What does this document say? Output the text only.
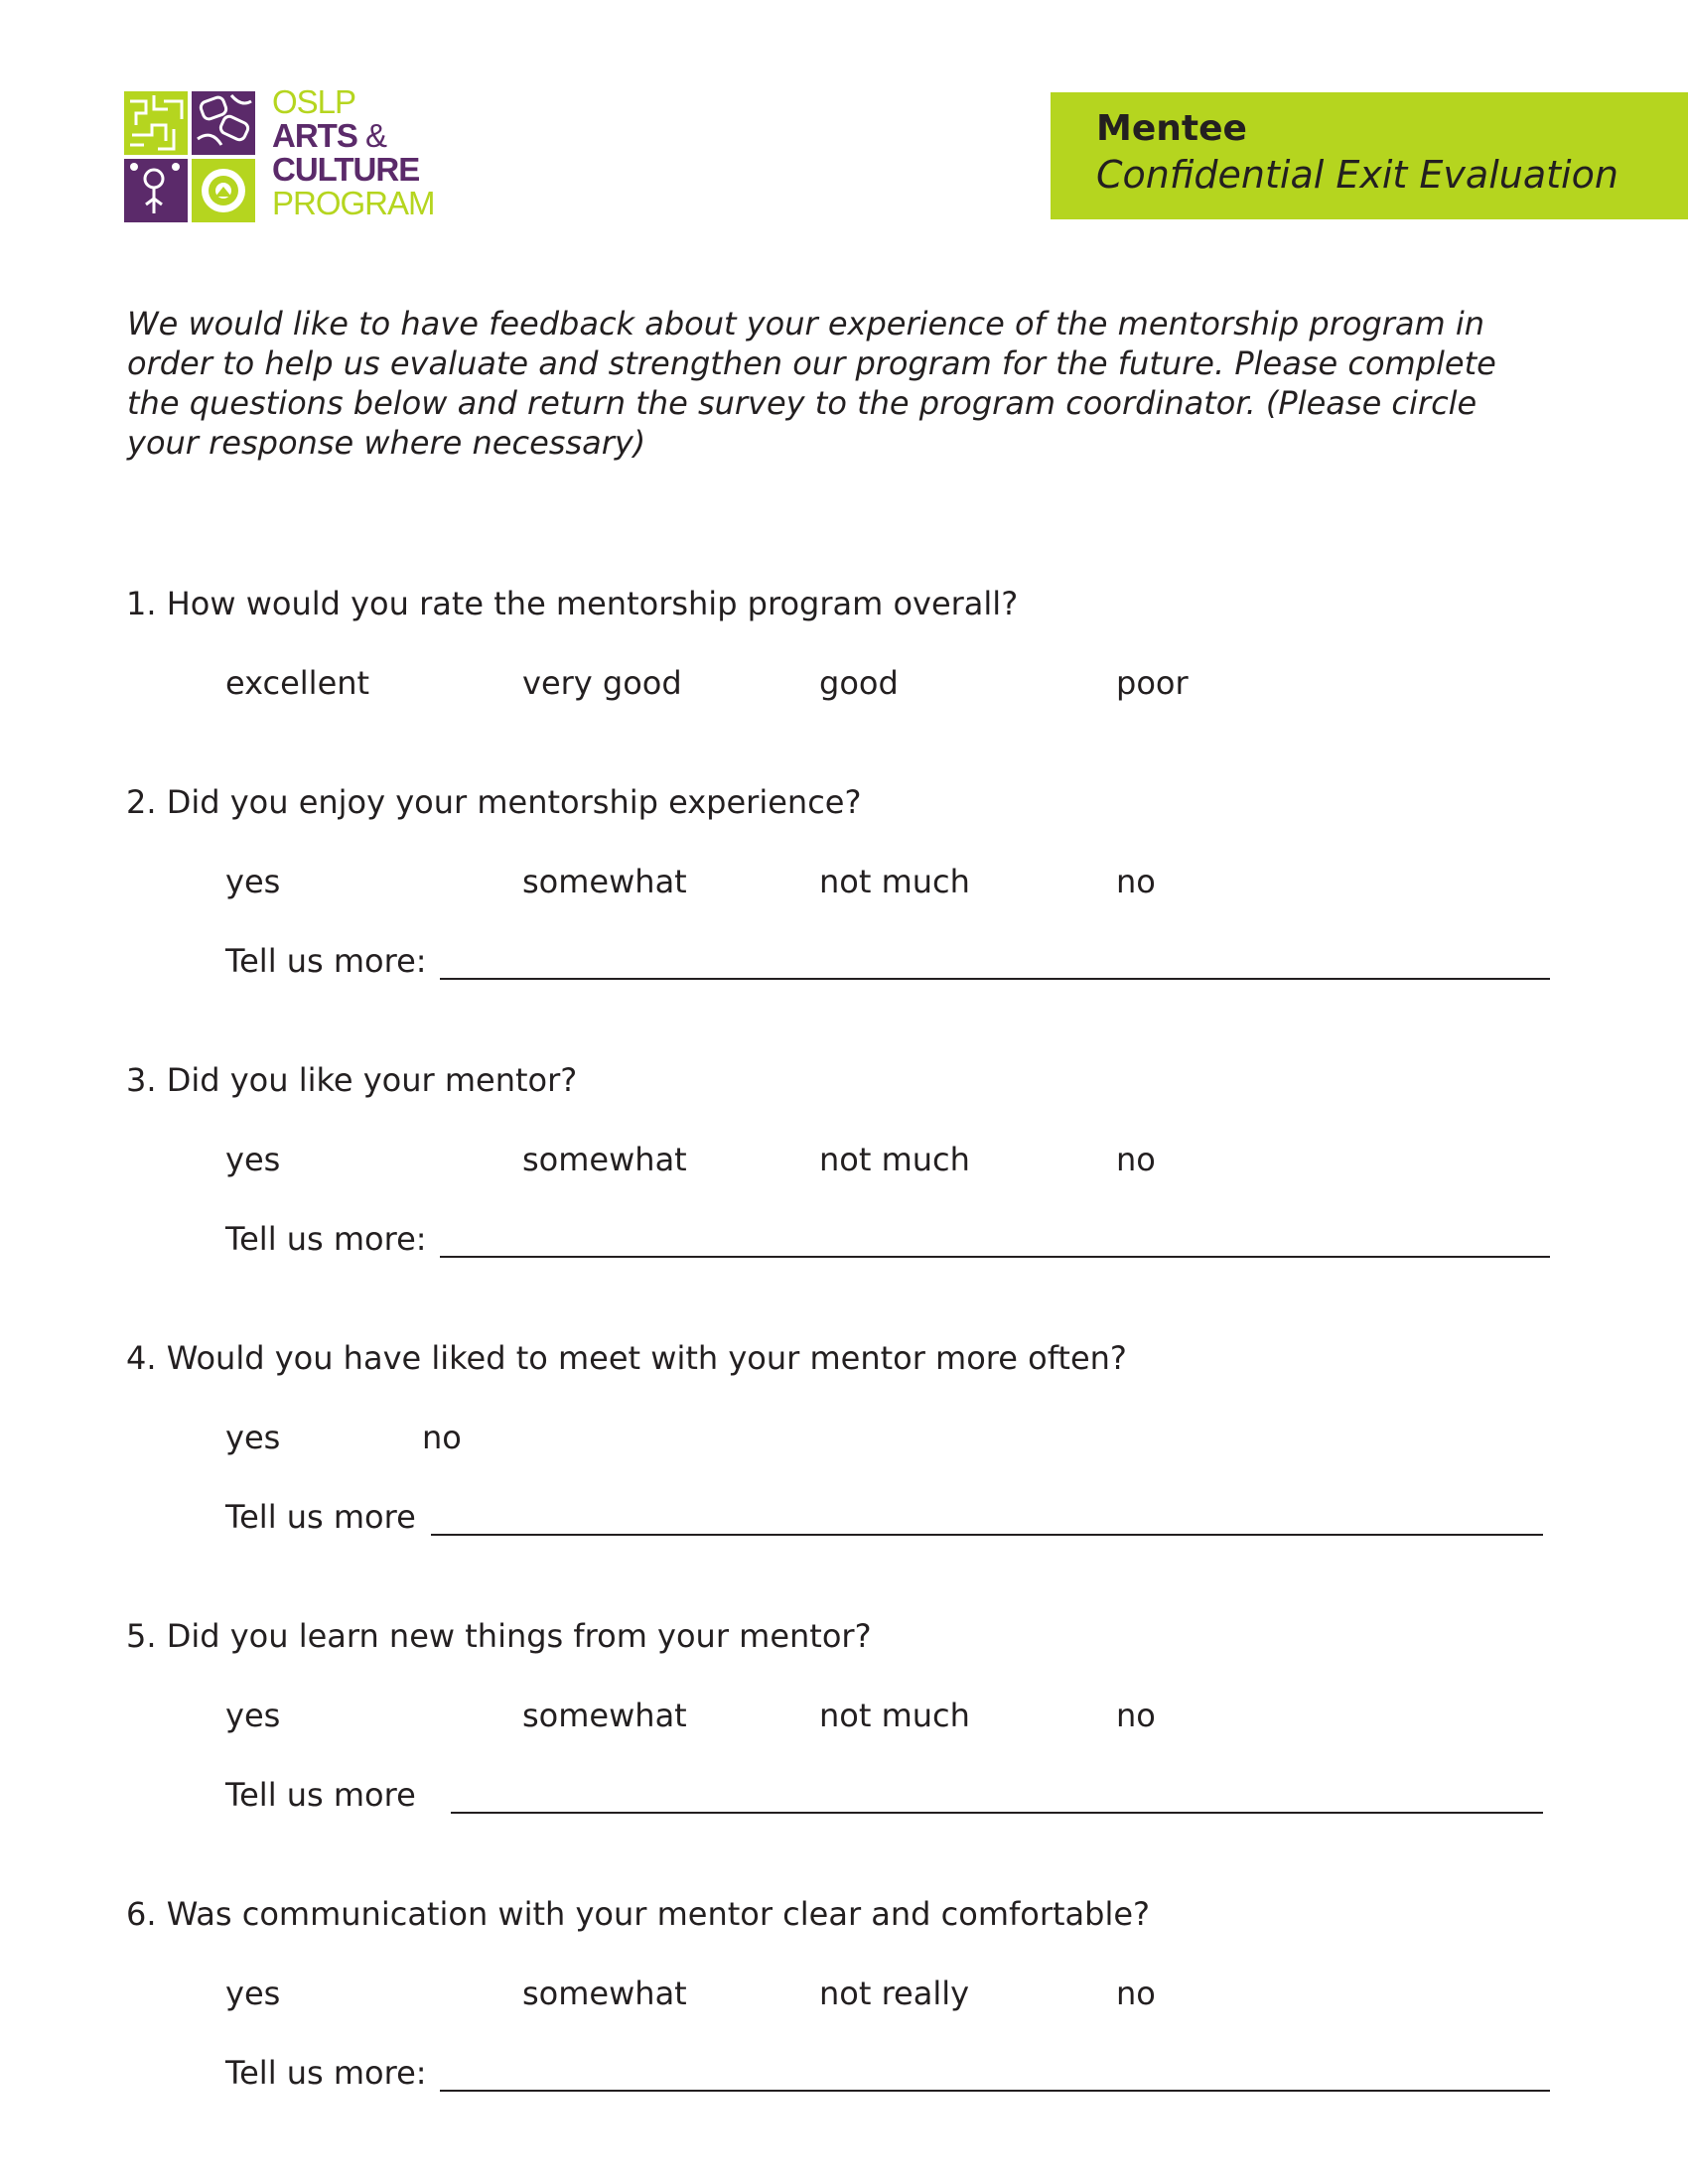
OSLP
ARTS &
CULTURE
PROGRAM
Mentee
Confidential Exit Evaluation
We would like to have feedback about your experience of the mentorship program in order to help us evaluate and strengthen our program for the future. Please complete the questions below and return the survey to the program coordinator. (Please circle your response where necessary)
1. How would you rate the mentorship program overall?
excellent	very good	good	poor
2. Did you enjoy your mentorship experience?
yes	somewhat	not much	no
Tell us more:
3. Did you like your mentor?
yes	somewhat	not much	no
Tell us more:
4. Would you have liked to meet with your mentor more often?
yes	no
Tell us more
5. Did you learn new things from your mentor?
yes	somewhat	not much	no
Tell us more
6. Was communication with your mentor clear and comfortable?
yes	somewhat	not really	no
Tell us more:
